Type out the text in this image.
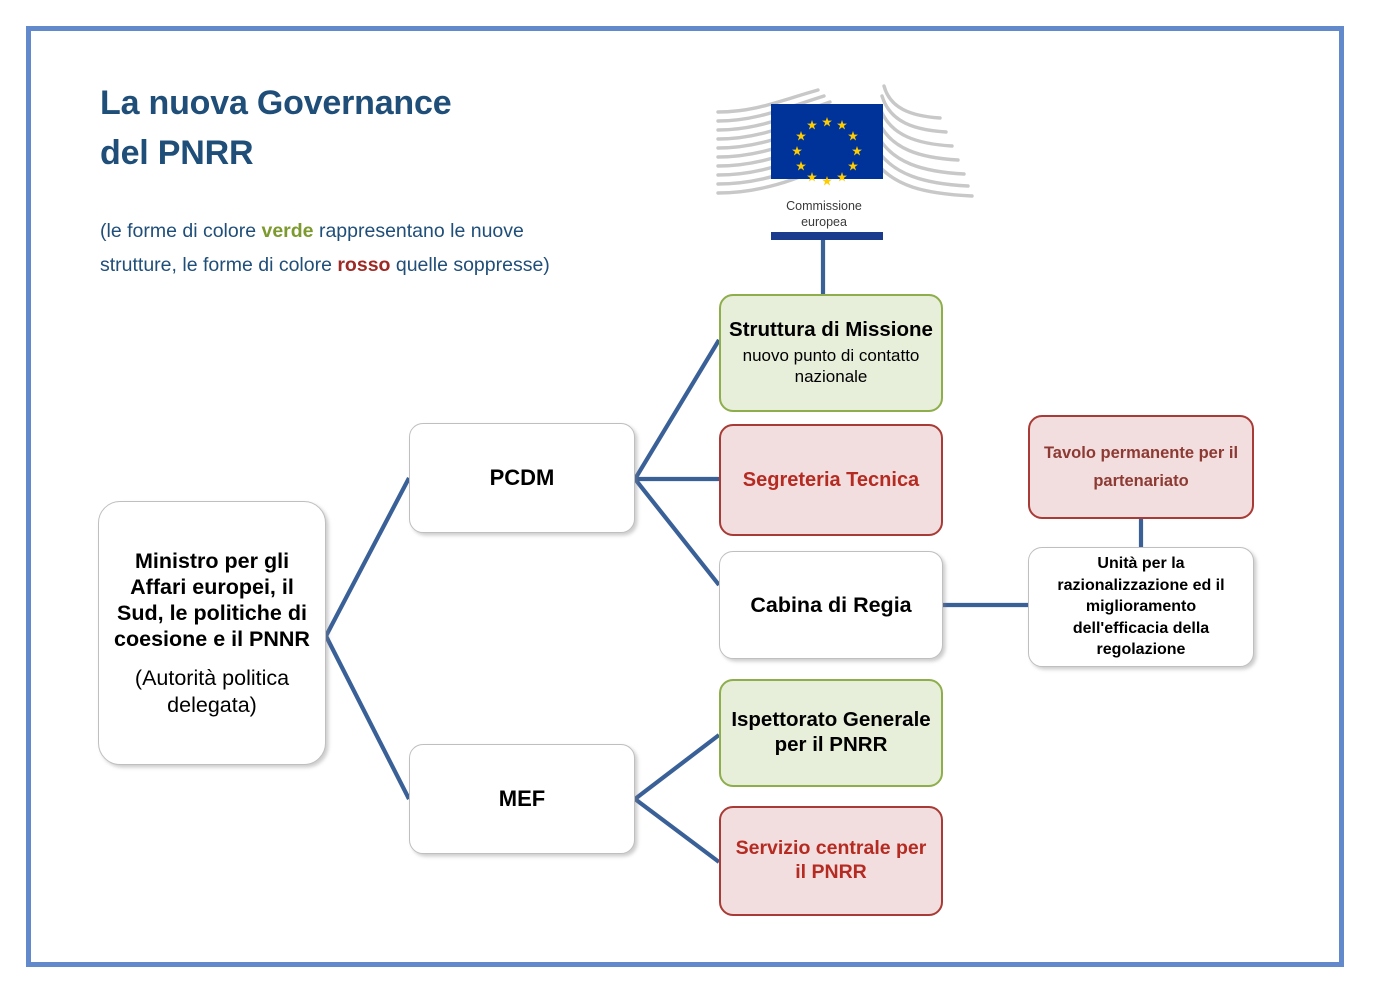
La nuova Governance
del PNRR
(le forme di colore verde rappresentano le nuove strutture, le forme di colore rosso quelle soppresse)
Commissione
europea
Ministro per gli Affari europei, il Sud, le politiche di coesione e il PNNR
(Autorità politica delegata)
PCDM
MEF
Struttura di Missione
nuovo punto di contatto nazionale
Segreteria Tecnica
Cabina di Regia
Ispettorato Generale per il PNRR
Servizio centrale per il PNRR
Tavolo permanente per il partenariato
Unità per la razionalizzazione ed il miglioramento dell'efficacia della regolazione
